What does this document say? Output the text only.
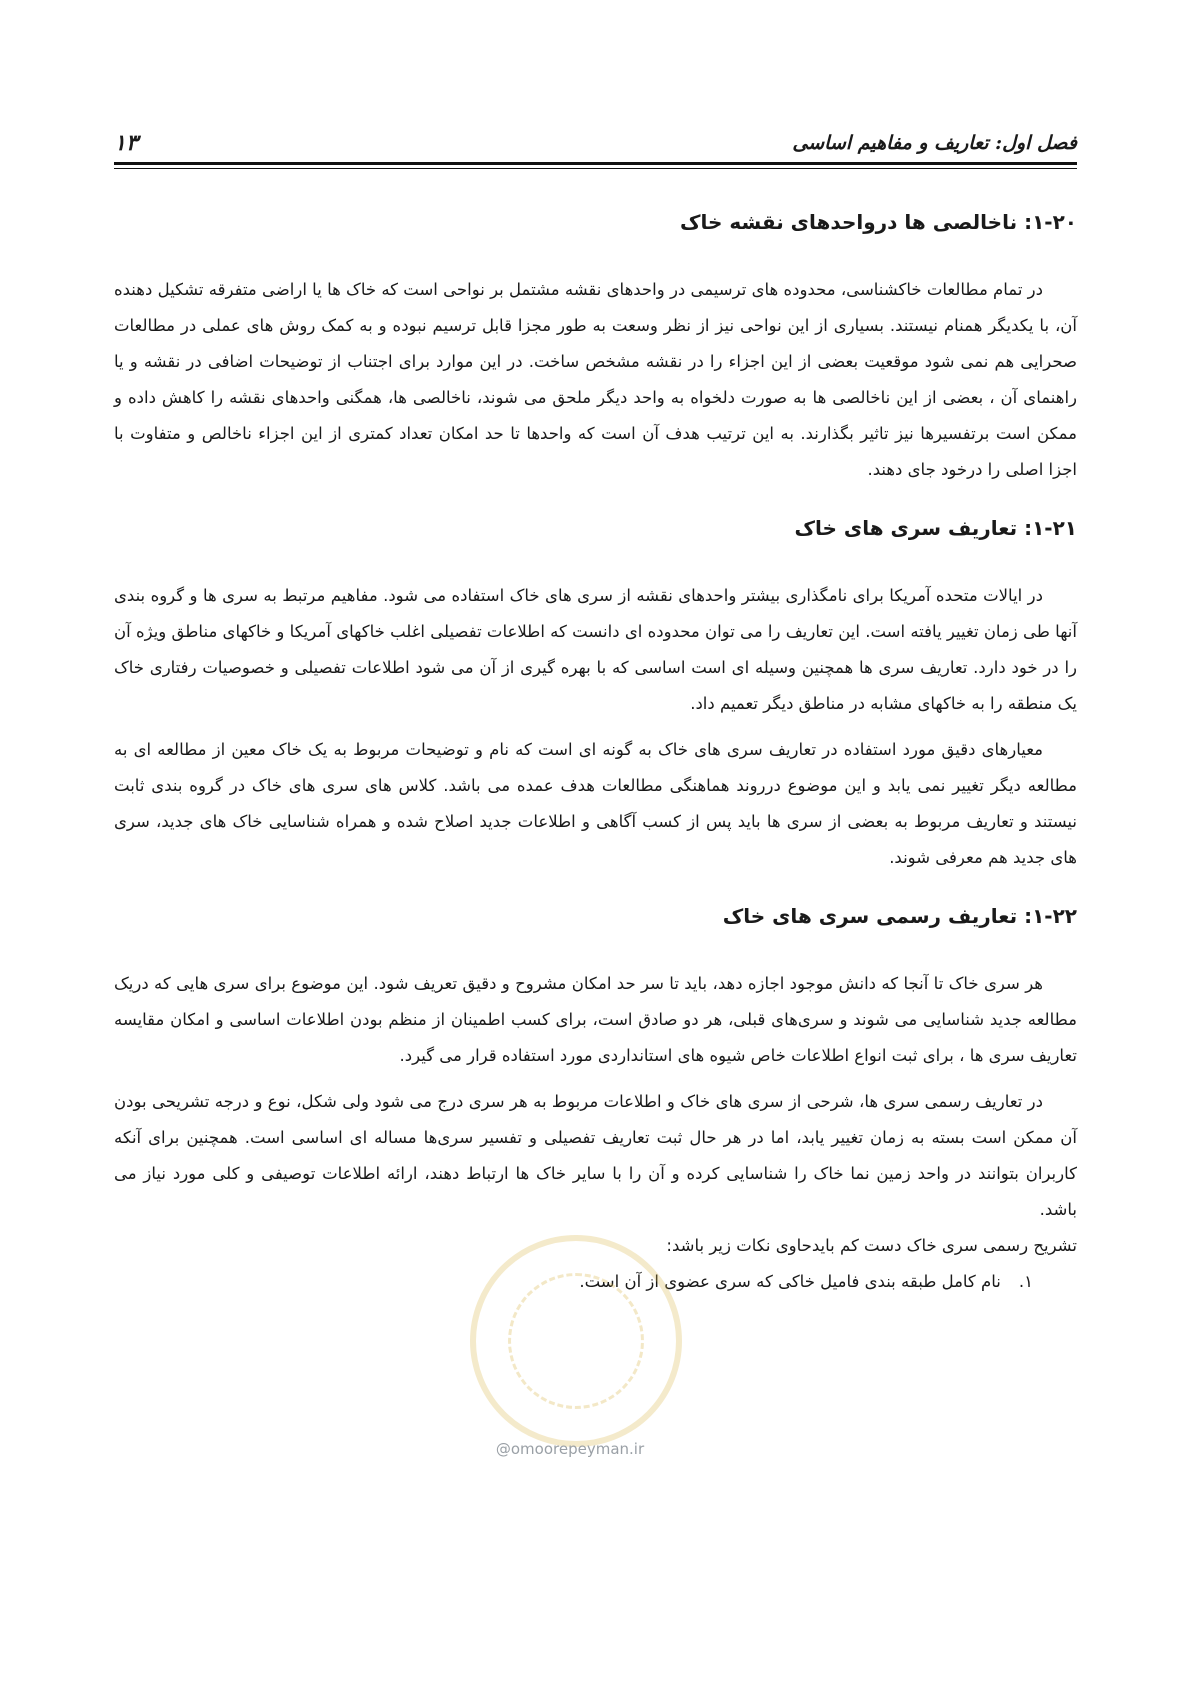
۱۳	فصل اول: تعاریف و مفاهیم اساسی
۱-۲۰: ناخالصی ها درواحدهای نقشه خاک

در تمام مطالعات خاکشناسی، محدوده های ترسیمی در واحدهای نقشه مشتمل بر نواحی است که خاک ها یا اراضی متفرقه تشکیل دهنده آن، با یکدیگر همنام نیستند. بسیاری از این نواحی نیز از نظر وسعت به طور مجزا قابل ترسیم نبوده و به کمک روش های عملی در مطالعات صحرایی هم نمی شود موقعیت بعضی از این اجزاء را در نقشه مشخص ساخت. در این موارد برای اجتناب از توضیحات اضافی در نقشه و یا راهنمای آن ، بعضی از این ناخالصی ها به صورت دلخواه به واحد دیگر ملحق می شوند، ناخالصی ها، همگنی واحدهای نقشه را کاهش داده و ممکن است برتفسیرها نیز تاثیر بگذارند. به این ترتیب هدف آن است که واحدها تا حد امکان تعداد کمتری از این اجزاء ناخالص و متفاوت با اجزا اصلی را درخود جای دهند.

۱-۲۱: تعاریف سری های خاک

در ایالات متحده آمریکا برای نامگذاری بیشتر واحدهای نقشه از سری های خاک استفاده می شود. مفاهیم مرتبط به سری ها و گروه بندی آنها طی زمان تغییر یافته است. این تعاریف را می توان محدوده ای دانست که اطلاعات تفصیلی اغلب خاکهای آمریکا و خاکهای مناطق ویژه آن را در خود دارد. تعاریف سری ها همچنین وسیله ای است اساسی که با بهره گیری از آن می شود اطلاعات تفصیلی و خصوصیات رفتاری خاک یک منطقه را به خاکهای مشابه در مناطق دیگر تعمیم داد.

معیارهای دقیق مورد استفاده در تعاریف سری های خاک به گونه ای است که نام و توضیحات مربوط به یک خاک معین از مطالعه ای به مطالعه دیگر تغییر نمی یابد و این موضوع درروند هماهنگی مطالعات هدف عمده می باشد. کلاس های سری های خاک در گروه بندی ثابت نیستند و تعاریف مربوط به بعضی از سری ها باید پس از کسب آگاهی و اطلاعات جدید اصلاح شده و همراه شناسایی خاک های جدید، سری های جدید هم معرفی شوند.

۱-۲۲: تعاریف رسمی سری های خاک

هر سری خاک تا آنجا که دانش موجود اجازه دهد، باید تا سر حد امکان مشروح و دقیق تعریف شود. این موضوع برای سری هایی که دریک مطالعه جدید شناسایی می شوند و سری‌های قبلی، هر دو صادق است، برای کسب اطمینان از منظم بودن اطلاعات اساسی و امکان مقایسه تعاریف سری ها ، برای ثبت انواع اطلاعات خاص شیوه های استانداردی مورد استفاده قرار می گیرد.

در تعاریف رسمی سری ها، شرحی از سری های خاک و اطلاعات مربوط به هر سری درج می شود ولی شکل، نوع و درجه تشریحی بودن آن ممکن است بسته به زمان تغییر یابد، اما در هر حال ثبت تعاریف تفصیلی و تفسیر سری‌ها مساله ای اساسی است. همچنین برای آنکه کاربران بتوانند در واحد زمین نما خاک را شناسایی کرده و آن را با سایر خاک ها ارتباط دهند، ارائه اطلاعات توصیفی و کلی مورد نیاز می باشد.

تشریح رسمی سری خاک دست کم بایدحاوی نکات زیر باشد:

۱.
نام کامل طبقه بندی فامیل خاکی که سری عضوی از آن است.
@omoorepeyman.ir
